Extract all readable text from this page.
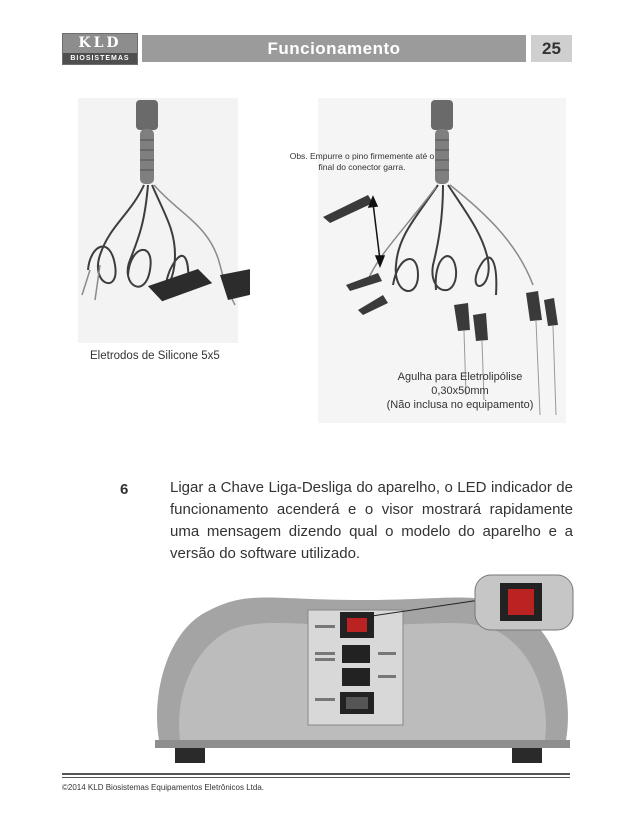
KLD
BIOSISTEMAS
Funcionamento	25
Obs. Empurre o pino firmemente até o final do conector garra.
Eletrodos de Silicone 5x5
Agulha para Eletrolipólise
0,30x50mm
(Não inclusa no equipamento)
6	Ligar a Chave Liga-Desliga do aparelho, o LED indicador de funcionamento acenderá e o visor mostrará rapidamente uma mensagem dizendo qual o modelo do aparelho e a versão do software utilizado.
©2014 KLD Biosistemas Equipamentos Eletrônicos Ltda.
